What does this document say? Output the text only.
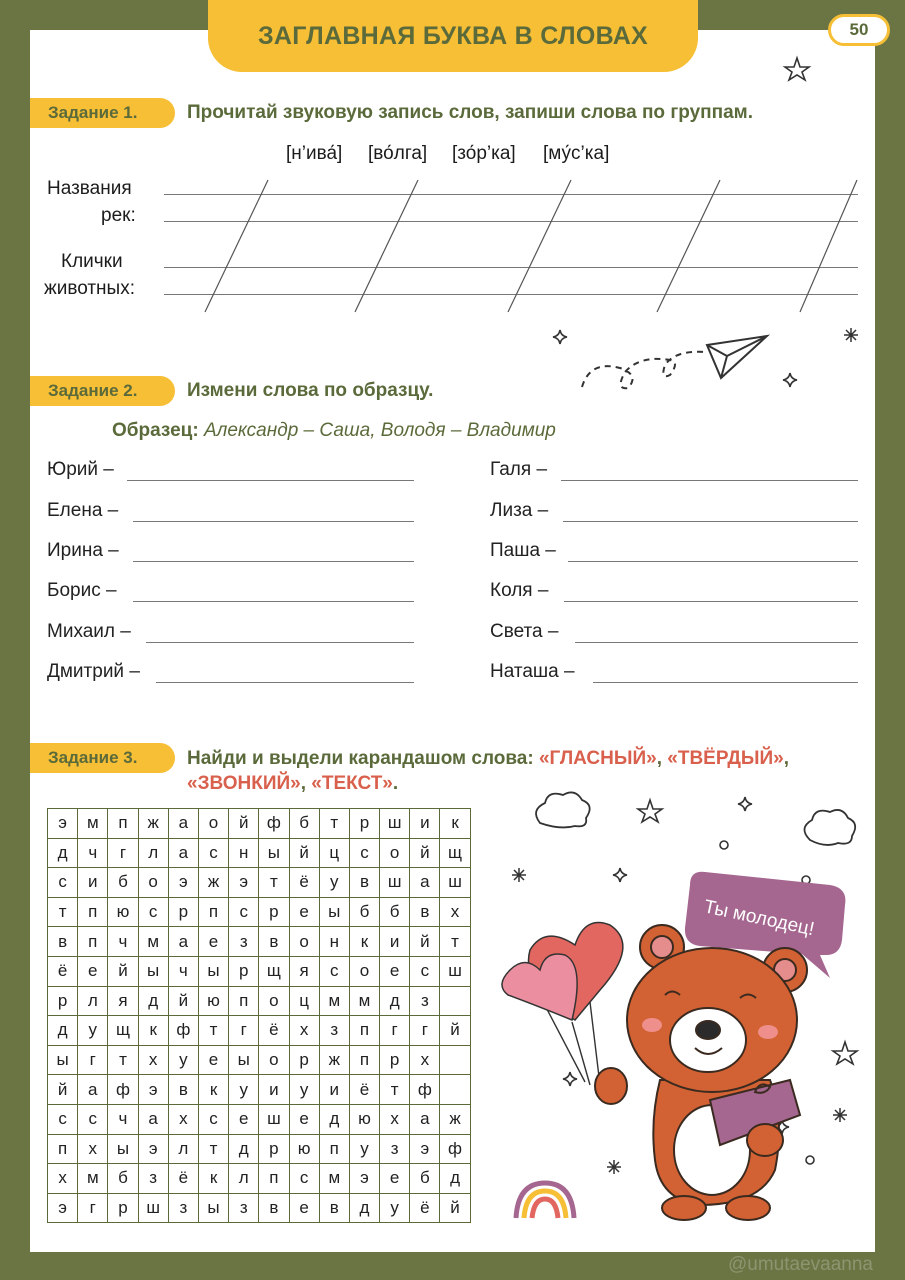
ЗАГЛАВНАЯ БУКВА В СЛОВАХ	50
Задание 1.	Прочитай звуковую запись слов, запиши слова по группам.
[н’ива́] [во́лга] [зо́р’ка] [му́с’ка]
Названия
рек:
Клички
животных:
Задание 2.	Измени слова по образцу.
Образец: Александр – Саша, Володя – Владимир
Юрий –
Елена –
Ирина –
Борис –
Михаил –
Дмитрий –
Галя –
Лиза –
Паша –
Коля –
Света –
Наташа –
Задание 3.	Найди и выдели карандашом слова: «ГЛАСНЫЙ», «ТВЁРДЫЙ»,
«ЗВОНКИЙ», «ТЕКСТ».
э	м	п	ж	а	о	й	ф	б	т	р	ш	и	к
д	ч	г	л	а	с	н	ы	й	ц	с	о	й	щ
с	и	б	о	э	ж	э	т	ё	у	в	ш	а	ш
т	п	ю	с	р	п	с	р	е	ы	б	б	в	х
в	п	ч	м	а	е	з	в	о	н	к	и	й	т
ё	е	й	ы	ч	ы	р	щ	я	с	о	е	с	ш
р	л	я	д	й	ю	п	о	ц	м	м	д	з	
д	у	щ	к	ф	т	г	ё	х	з	п	г	г	й
ы	г	т	х	у	е	ы	о	р	ж	п	р	х	
й	а	ф	э	в	к	у	и	у	и	ё	т	ф	
с	с	ч	а	х	с	е	ш	е	д	ю	х	а	ж
п	х	ы	э	л	т	д	р	ю	п	у	з	э	ф
х	м	б	з	ё	к	л	п	с	м	э	е	б	д
э	г	р	ш	з	ы	з	в	е	в	д	у	ё	й
Ты молодец!
@umutaevaanna
